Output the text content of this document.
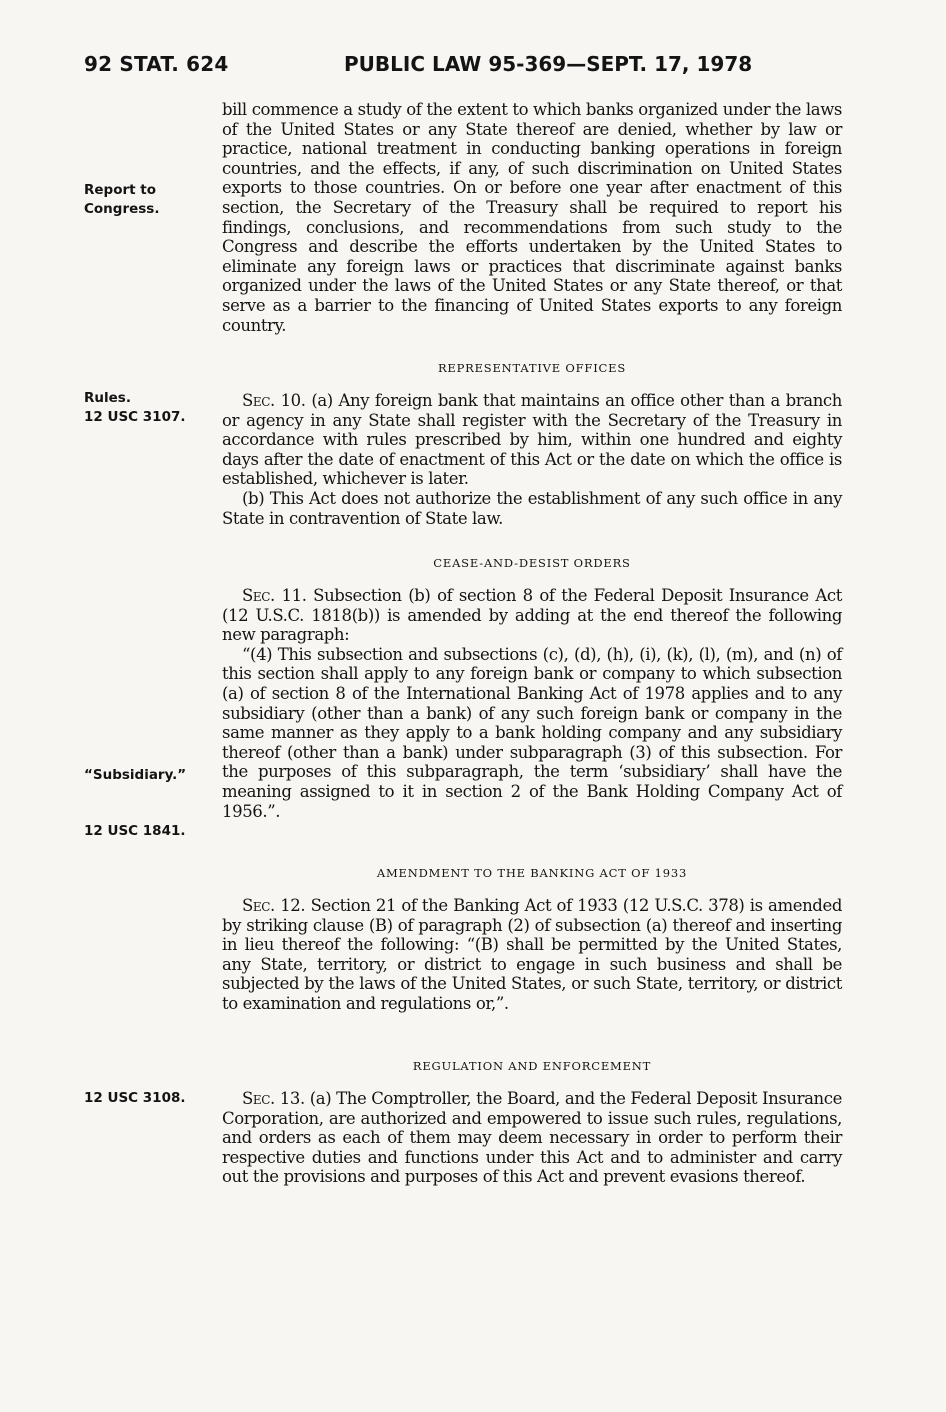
92 STAT. 624	PUBLIC LAW 95-369—SEPT. 17, 1978
Report to
Congress.
Rules.
12 USC 3107.
“Subsidiary.”
12 USC 1841.
12 USC 3108.

bill commence a study of the extent to which banks organized under the laws of the United States or any State thereof are denied, whether by law or practice, national treatment in conducting banking operations in foreign countries, and the effects, if any, of such discrimination on United States exports to those countries. On or before one year after enactment of this section, the Secretary of the Treasury shall be required to report his findings, conclusions, and recommendations from such study to the Congress and describe the efforts undertaken by the United States to eliminate any foreign laws or practices that discriminate against banks organized under the laws of the United States or any State thereof, or that serve as a barrier to the financing of United States exports to any foreign country.

REPRESENTATIVE OFFICES

Sec. 10. (a) Any foreign bank that maintains an office other than a branch or agency in any State shall register with the Secretary of the Treasury in accordance with rules prescribed by him, within one hundred and eighty days after the date of enactment of this Act or the date on which the office is established, whichever is later.

(b) This Act does not authorize the establishment of any such office in any State in contravention of State law.

CEASE-AND-DESIST ORDERS

Sec. 11. Subsection (b) of section 8 of the Federal Deposit Insurance Act (12 U.S.C. 1818(b)) is amended by adding at the end thereof the following new paragraph:

“(4) This subsection and subsections (c), (d), (h), (i), (k), (l), (m), and (n) of this section shall apply to any foreign bank or company to which subsection (a) of section 8 of the International Banking Act of 1978 applies and to any subsidiary (other than a bank) of any such foreign bank or company in the same manner as they apply to a bank holding company and any subsidiary thereof (other than a bank) under subparagraph (3) of this subsection. For the purposes of this subparagraph, the term ‘subsidiary’ shall have the meaning assigned to it in section 2 of the Bank Holding Company Act of 1956.”.

AMENDMENT TO THE BANKING ACT OF 1933

Sec. 12. Section 21 of the Banking Act of 1933 (12 U.S.C. 378) is amended by striking clause (B) of paragraph (2) of subsection (a) thereof and inserting in lieu thereof the following: “(B) shall be permitted by the United States, any State, territory, or district to engage in such business and shall be subjected by the laws of the United States, or such State, territory, or district to examination and regulations or,”.

REGULATION AND ENFORCEMENT

Sec. 13. (a) The Comptroller, the Board, and the Federal Deposit Insurance Corporation, are authorized and empowered to issue such rules, regulations, and orders as each of them may deem necessary in order to perform their respective duties and functions under this Act and to administer and carry out the provisions and purposes of this Act and prevent evasions thereof.
